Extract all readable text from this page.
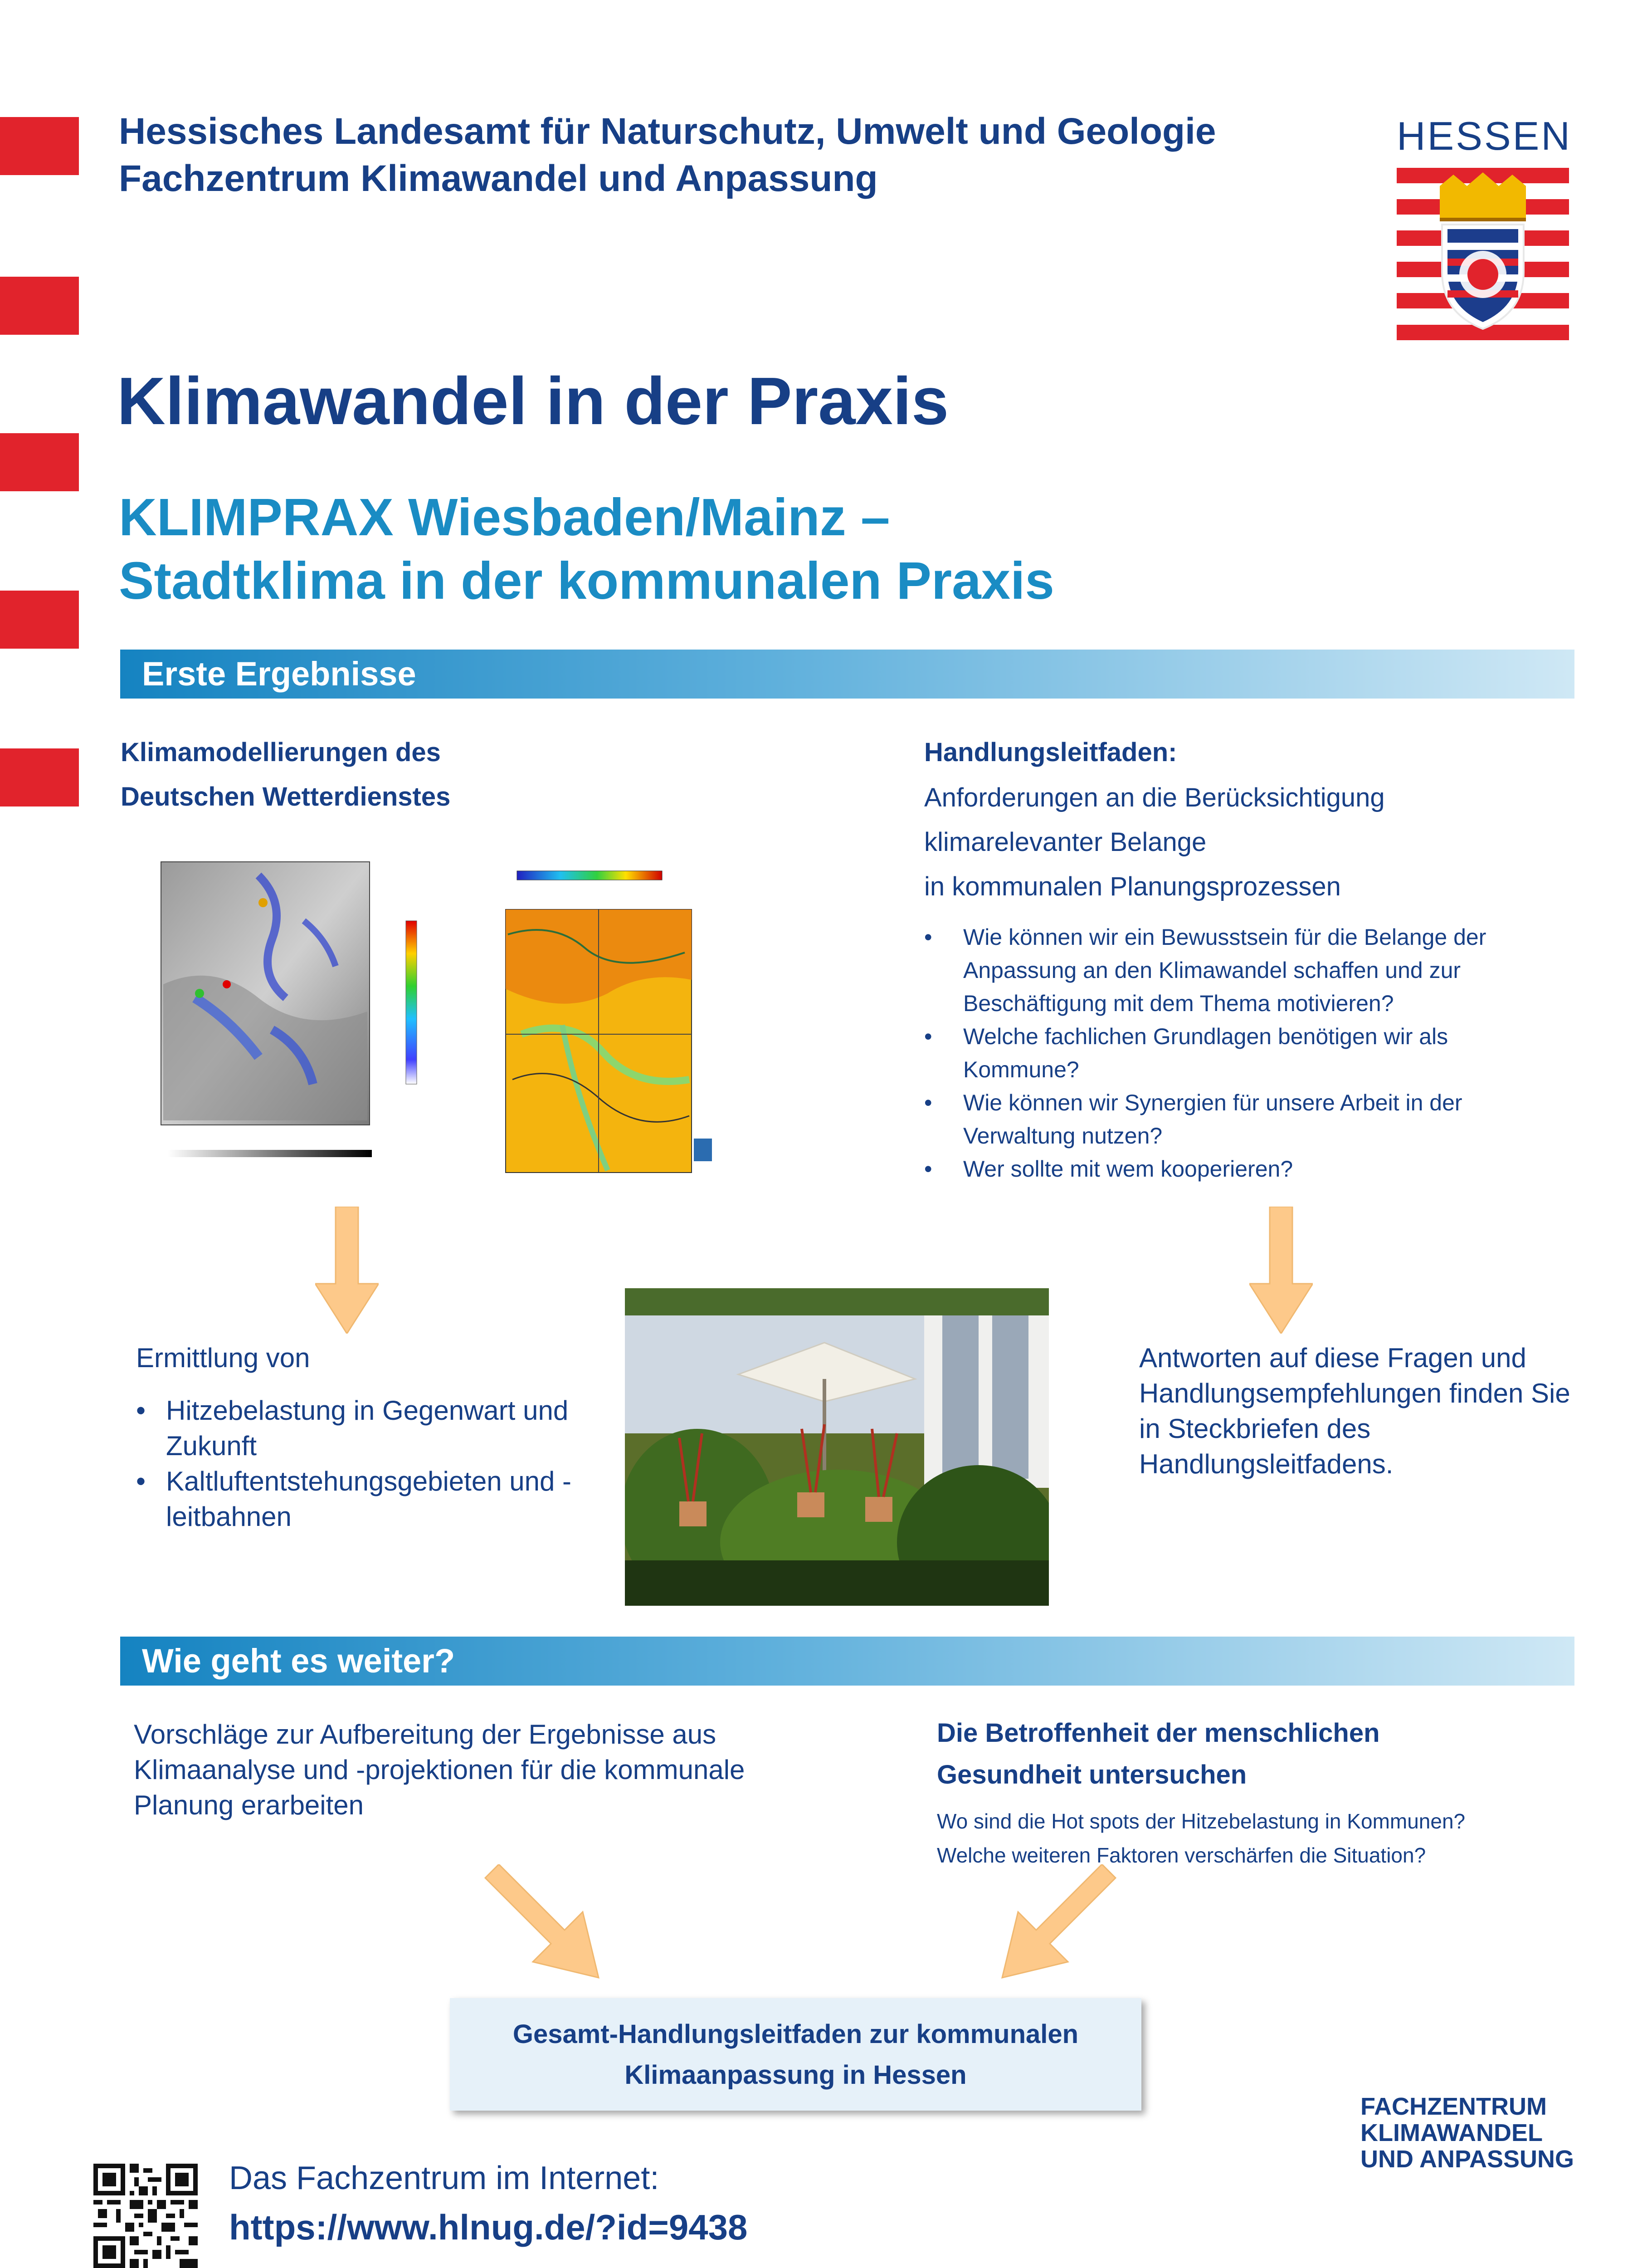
Hessisches Landesamt für Naturschutz, Umwelt und Geologie
Fachzentrum Klimawandel und Anpassung
HESSEN
Klimawandel in der Praxis
KLIMPRAX Wiesbaden/Mainz –
Stadtklima in der kommunalen Praxis
Erste Ergebnisse
Klimamodellierungen des
Deutschen Wetterdienstes
Handlungsleitfaden:
Anforderungen an die Berücksichtigung
klimarelevanter Belange
in kommunalen Planungsprozessen
• Wie können wir ein Bewusstsein für die Belange der Anpassung an den Klimawandel schaffen und zur Beschäftigung mit dem Thema motivieren?
• Welche fachlichen Grundlagen benötigen wir als Kommune?
• Wie können wir Synergien für unsere Arbeit in der Verwaltung nutzen?
• Wer sollte mit wem kooperieren?
Ermittlung von
• Hitzebelastung in Gegenwart und Zukunft
• Kaltluftentstehungsgebieten und -leitbahnen
Antworten auf diese Fragen und Handlungsempfehlungen finden Sie in Steckbriefen des Handlungsleitfadens.
Wie geht es weiter?
Vorschläge zur Aufbereitung der Ergebnisse aus Klimaanalyse und -projektionen für die kommunale Planung erarbeiten
Die Betroffenheit der menschlichen
Gesundheit untersuchen
Wo sind die Hot spots der Hitzebelastung in Kommunen?
Welche weiteren Faktoren verschärfen die Situation?
Gesamt-Handlungsleitfaden zur kommunalen
Klimaanpassung in Hessen
Das Fachzentrum im Internet:
https://www.hlnug.de/?id=9438
FACHZENTRUM
KLIMAWANDEL
UND ANPASSUNG
